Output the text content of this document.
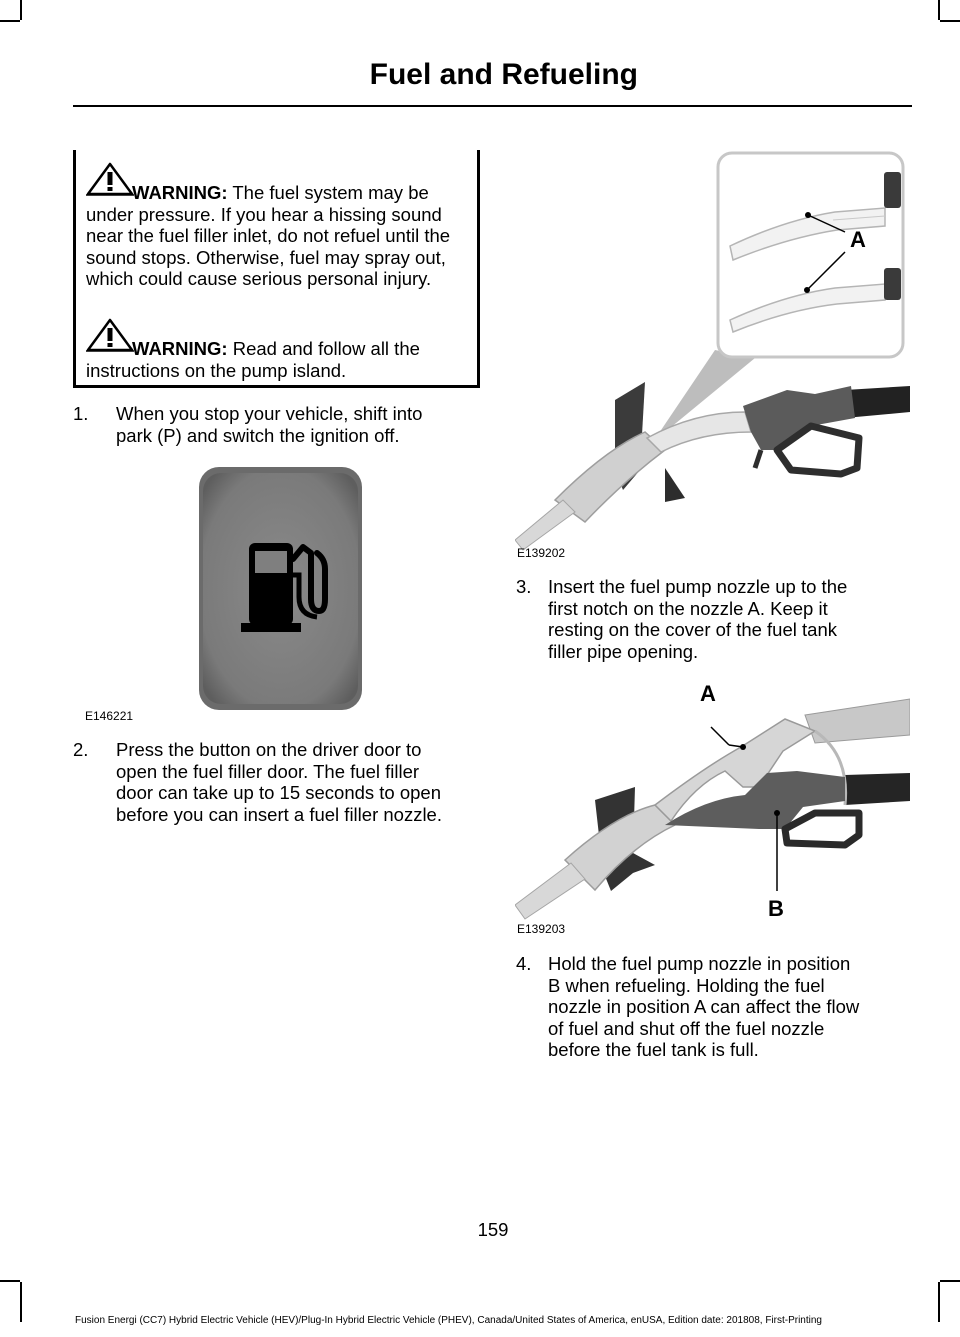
Fuel and Refueling

WARNING: The fuel system may be under pressure. If you hear a hissing sound near the fuel filler inlet, do not refuel until the sound stops. Otherwise, fuel may spray out, which could cause serious personal injury.

WARNING: Read and follow all the instructions on the pump island.

1. When you stop your vehicle, shift into
park (P) and switch the ignition off.
E146221
2. Press the button on the driver door to
open the fuel filler door. The fuel filler
door can take up to 15 seconds to open
before you can insert a fuel filler nozzle.
A
E139202
3. Insert the fuel pump nozzle up to the
first notch on the nozzle A. Keep it
resting on the cover of the fuel tank
filler pipe opening.
A
B
E139203
4. Hold the fuel pump nozzle in position
B when refueling. Holding the fuel
nozzle in position A can affect the flow
of fuel and shut off the fuel nozzle
before the fuel tank is full.
159
Fusion Energi (CC7) Hybrid Electric Vehicle (HEV)/Plug-In Hybrid Electric Vehicle (PHEV), Canada/United States of America, enUSA, Edition date: 201808, First-Printing
